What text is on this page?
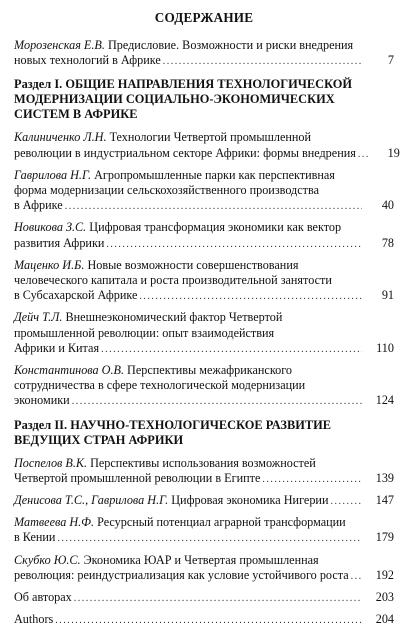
СОДЕРЖАНИЕ
Морозенская Е.В. Предисловие. Возможности и риски внедрения
новых технологий в Африке . . .	7
Раздел I. ОБЩИЕ НАПРАВЛЕНИЯ ТЕХНОЛОГИЧЕСКОЙ
МОДЕРНИЗАЦИИ СОЦИАЛЬНО-ЭКОНОМИЧЕСКИХ
СИСТЕМ В АФРИКЕ
Калиниченко Л.Н. Технологии Четвертой промышленной
революции в индустриальном секторе Африки: формы внедрения . . .	19
Гаврилова Н.Г. Агропромышленные парки как перспективная
форма модернизации сельскохозяйственного производства
в Африке . . .	40
Новикова З.С. Цифровая трансформация экономики как вектор
развития Африки . . .	78
Маценко И.Б. Новые возможности совершенствования
человеческого капитала и роста производительной занятости
в Субсахарской Африке . . .	91
Дейч Т.Л. Внешнеэкономический фактор Четвертой
промышленной революции: опыт взаимодействия
Африки и Китая . . .	110
Константинова О.В. Перспективы межафриканского
сотрудничества в сфере технологической модернизации
экономики . . .	124
Раздел II. НАУЧНО-ТЕХНОЛОГИЧЕСКОЕ РАЗВИТИЕ
ВЕДУЩИХ СТРАН АФРИКИ
Поспелов В.К. Перспективы использования возможностей
Четвертой промышленной революции в Египте . . .	139
Денисова Т.С., Гаврилова Н.Г. Цифровая экономика Нигерии . . .	147
Матвеева Н.Ф. Ресурсный потенциал аграрной трансформации
в Кении . . .	179
Скубко Ю.С. Экономика ЮАР и Четвертая промышленная
революция: реиндустриализация как условие устойчивого роста . . .	192
Об авторах . . .	203
Authors . . .	204
